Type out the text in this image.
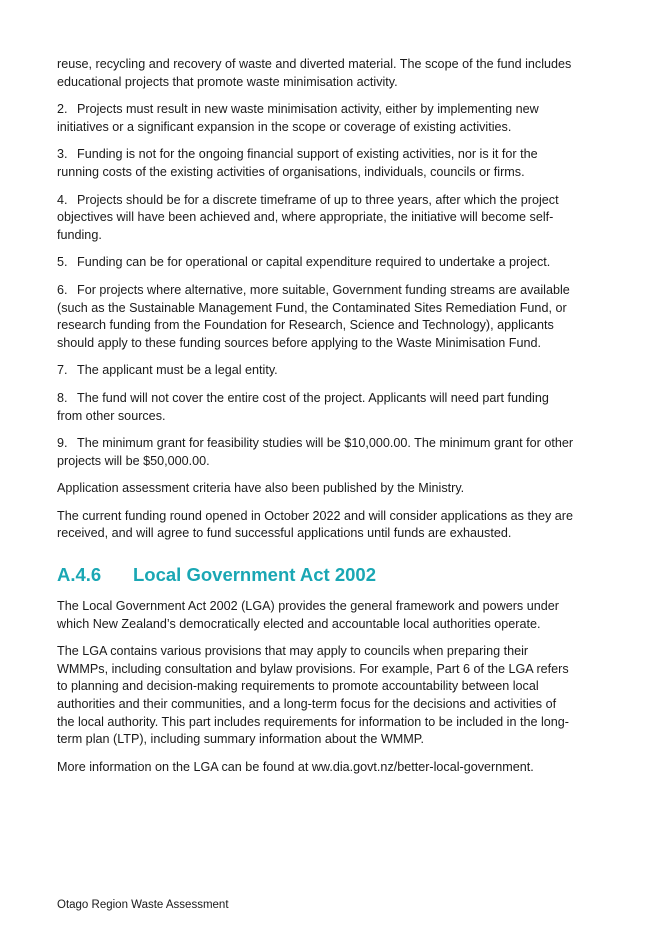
reuse, recycling and recovery of waste and diverted material. The scope of the fund includes educational projects that promote waste minimisation activity.

2. Projects must result in new waste minimisation activity, either by implementing new initiatives or a significant expansion in the scope or coverage of existing activities.

3. Funding is not for the ongoing financial support of existing activities, nor is it for the running costs of the existing activities of organisations, individuals, councils or firms.

4. Projects should be for a discrete timeframe of up to three years, after which the project objectives will have been achieved and, where appropriate, the initiative will become self-funding.

5. Funding can be for operational or capital expenditure required to undertake a project.

6. For projects where alternative, more suitable, Government funding streams are available (such as the Sustainable Management Fund, the Contaminated Sites Remediation Fund, or research funding from the Foundation for Research, Science and Technology), applicants should apply to these funding sources before applying to the Waste Minimisation Fund.

7. The applicant must be a legal entity.

8. The fund will not cover the entire cost of the project. Applicants will need part funding from other sources.

9. The minimum grant for feasibility studies will be $10,000.00. The minimum grant for other projects will be $50,000.00.

Application assessment criteria have also been published by the Ministry.

The current funding round opened in October 2022 and will consider applications as they are received, and will agree to fund successful applications until funds are exhausted.

A.4.6 Local Government Act 2002

The Local Government Act 2002 (LGA) provides the general framework and powers under which New Zealand’s democratically elected and accountable local authorities operate.

The LGA contains various provisions that may apply to councils when preparing their WMMPs, including consultation and bylaw provisions. For example, Part 6 of the LGA refers to planning and decision-making requirements to promote accountability between local authorities and their communities, and a long-term focus for the decisions and activities of the local authority. This part includes requirements for information to be included in the long-term plan (LTP), including summary information about the WMMP.

More information on the LGA can be found at ww.dia.govt.nz/better-local-government.

Otago Region Waste Assessment
